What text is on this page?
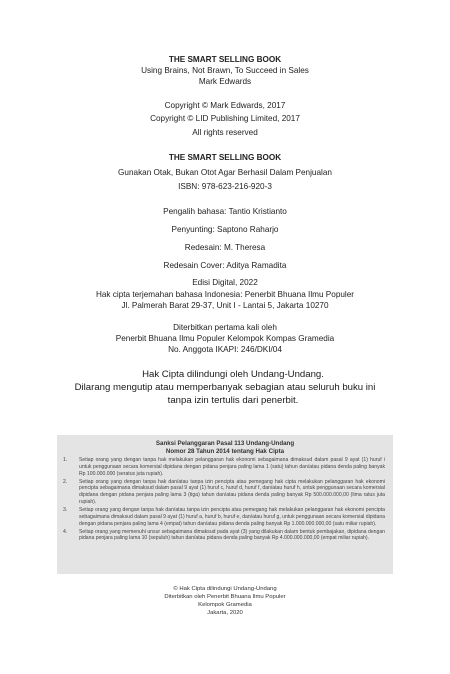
THE SMART SELLING BOOK
Using Brains, Not Brawn, To Succeed in Sales
Mark Edwards
Copyright © Mark Edwards, 2017
Copyright © LID Publishing Limited, 2017
All rights reserved
THE SMART SELLING BOOK
Gunakan Otak, Bukan Otot Agar Berhasil Dalam Penjualan
ISBN: 978-623-216-920-3
Pengalih bahasa: Tantio Kristianto
Penyunting: Saptono Raharjo
Redesain: M. Theresa
Redesain Cover: Aditya Ramadita
Edisi Digital, 2022
Hak cipta terjemahan bahasa Indonesia: Penerbit Bhuana Ilmu Populer
Jl. Palmerah Barat 29-37, Unit I - Lantai 5, Jakarta 10270
Diterbitkan pertama kali oleh
Penerbit Bhuana Ilmu Populer Kelompok Kompas Gramedia
No. Anggota IKAPI: 246/DKI/04
Hak Cipta dilindungi oleh Undang-Undang.
Dilarang mengutip atau memperbanyak sebagian atau seluruh buku ini
tanpa izin tertulis dari penerbit.
Sanksi Pelanggaran Pasal 113 Undang-Undang
Nomor 28 Tahun 2014 tentang Hak Cipta
1. Setiap orang yang dengan tanpa hak melakukan pelanggaran hak ekonomi sebagaimana dimaksud dalam pasal 9 ayat (1) huruf i untuk penggunaan secara komersial dipidana dengan pidana penjara paling lama 1 (satu) tahun dan/atau pidana denda paling banyak Rp 100.000.000 (seratus juta rupiah).
2. Setiap orang yang dengan tanpa hak dan/atau tanpa izin pencipta atau pemegang hak cipta melakukan pelanggaran hak ekonomi pencipta sebagaimana dimaksud dalam pasal 9 ayat (1) huruf c, huruf d, huruf f, dan/atau huruf h, untuk penggunaan secara komersial dipidana dengan pidana penjara paling lama 3 (tiga) tahun dan/atau pidana denda paling banyak Rp 500.000.000,00 (lima ratus juta rupiah).
3. Setiap orang yang dengan tanpa hak dan/atau tanpa izin pencipta atau pemegang hak melakukan pelanggaran hak ekonomi pencipta sebagaimana dimaksud dalam pasal 9 ayat (1) huruf a, huruf b, huruf e, dan/atau huruf g, untuk penggunaan secara komersial dipidana dengan pidana penjara paling lama 4 (empat) tahun dan/atau pidana denda paling banyak Rp 1.000.000.000,00 (satu miliar rupiah).
4. Setiap orang yang memenuhi unsur sebagaimana dimaksud pada ayat (3) yang dilakukan dalam bentuk pembajakan, dipidana dengan pidana penjara paling lama 10 (sepuluh) tahun dan/atau pidana denda paling banyak Rp 4.000.000.000,00 (empat miliar rupiah).
© Hak Cipta dilindungi Undang-Undang
Diterbitkan oleh Penerbit Bhuana Ilmu Populer
Kelompok Gramedia
Jakarta, 2020
